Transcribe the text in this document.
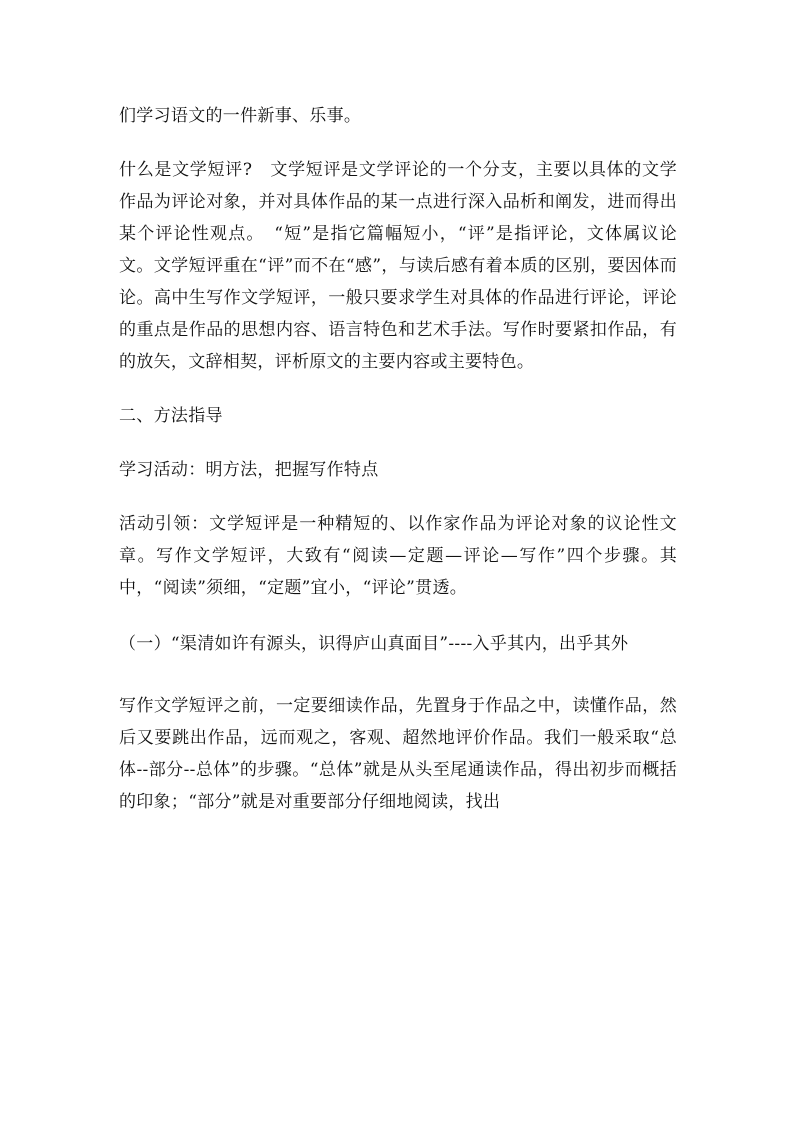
们学习语文的一件新事、乐事。

什么是文学短评?　文学短评是文学评论的一个分支，主要以具体的文学作品为评论对象，并对具体作品的某一点进行深入品析和阐发，进而得出某个评论性观点。　“短”是指它篇幅短小，“评”是指评论，文体属议论文。文学短评重在“评”而不在“感”，与读后感有着本质的区别，要因体而论。高中生写作文学短评，一般只要求学生对具体的作品进行评论，评论的重点是作品的思想内容、语言特色和艺术手法。写作时要紧扣作品，有的放矢，文辞相契，评析原文的主要内容或主要特色。

二、方法指导

学习活动：明方法，把握写作特点

活动引领：文学短评是一种精短的、以作家作品为评论对象的议论性文章。写作文学短评，大致有“阅读—定题—评论—写作”四个步骤。其中，“阅读”须细，“定题”宜小，“评论”贯透。

（一）“渠清如许有源头，识得庐山真面目”----入乎其内，出乎其外

写作文学短评之前，一定要细读作品，先置身于作品之中，读懂作品，然后又要跳出作品，远而观之，客观、超然地评价作品。我们一般采取“总体--部分--总体”的步骤。“总体”就是从头至尾通读作品，得出初步而概括的印象；“部分”就是对重要部分仔细地阅读，找出
